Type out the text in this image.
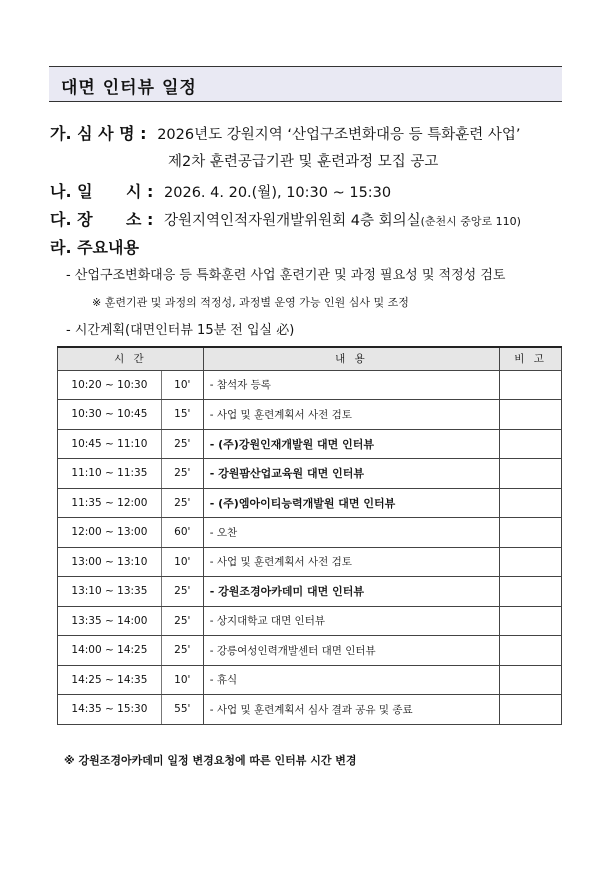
대면 인터뷰 일정
가. 심 사 명 : 2026년도 강원지역 ‘산업구조변화대응 등 특화훈련 사업’
제2차 훈련공급기관 및 훈련과정 모집 공고
나. 일      시 : 2026. 4. 20.(월), 10:30 ~ 15:30
다. 장      소 : 강원지역인적자원개발위원회 4층 회의실(춘천시 중앙로 110)
라. 주요내용
- 산업구조변화대응 등 특화훈련 사업 훈련기관 및 과정 필요성 및 적정성 검토
※ 훈련기관 및 과정의 적정성, 과정별 운영 가능 인원 심사 및 조정
- 시간계획(대면인터뷰 15분 전 입실 必)
시 간		내 용	비 고
10:20 ~ 10:30	10'	- 참석자 등록	
10:30 ~ 10:45	15'	- 사업 및 훈련계획서 사전 검토	
10:45 ~ 11:10	25'	- (주)강원인재개발원 대면 인터뷰	
11:10 ~ 11:35	25'	- 강원팜산업교육원 대면 인터뷰	
11:35 ~ 12:00	25'	- (주)엠아이티능력개발원 대면 인터뷰	
12:00 ~ 13:00	60'	- 오찬	
13:00 ~ 13:10	10'	- 사업 및 훈련계획서 사전 검토	
13:10 ~ 13:35	25'	- 강원조경아카데미 대면 인터뷰	
13:35 ~ 14:00	25'	- 상지대학교 대면 인터뷰	
14:00 ~ 14:25	25'	- 강릉여성인력개발센터 대면 인터뷰	
14:25 ~ 14:35	10'	- 휴식	
14:35 ~ 15:30	55'	- 사업 및 훈련계획서 심사 결과 공유 및 종료	
※ 강원조경아카데미 일정 변경요청에 따른 인터뷰 시간 변경
